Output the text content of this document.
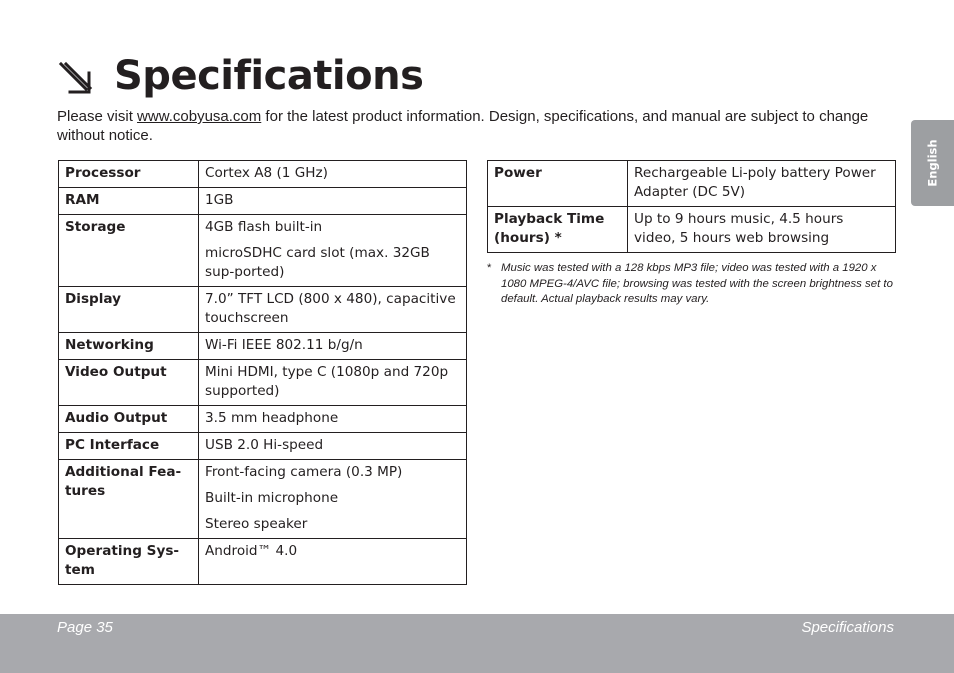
Specifications
Please visit www.cobyusa.com for the latest product information. Design, specifications, and manual are subject to change without notice.
Processor	Cortex A8 (1 GHz)

RAM	1GB

Storage	4GB flash built-in
microSDHC card slot (max. 32GB sup-ported)

Display	7.0” TFT LCD (800 x 480), capacitive touchscreen

Networking	Wi-Fi IEEE 802.11 b/g/n

Video Output	Mini HDMI, type C (1080p and 720p supported)

Audio Output	3.5 mm headphone

PC Interface	USB 2.0 Hi-speed

Additional Fea-tures	Front-facing camera (0.3 MP)
Built-in microphone
Stereo speaker

Operating Sys-tem	Android™ 4.0
Power	Rechargeable Li-poly battery Power Adapter (DC 5V)

Playback Time (hours) *	Up to 9 hours music, 4.5 hours video, 5 hours web browsing
* Music was tested with a 128 kbps MP3 file; video was tested with a 1920 x 1080 MPEG-4/AVC file; browsing was tested with the screen brightness set to default. Actual playback results may vary.
English
Page 35	Specifications
